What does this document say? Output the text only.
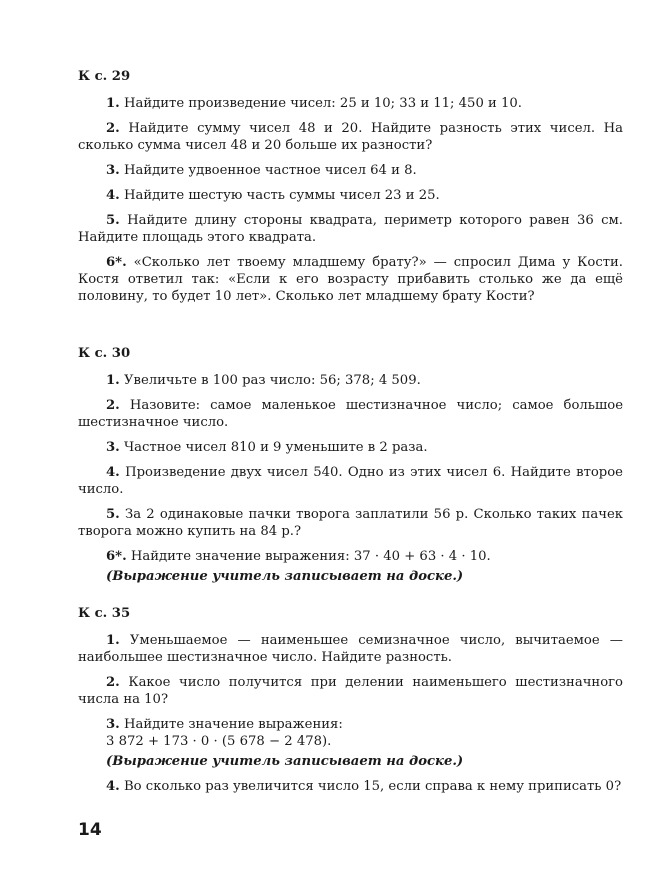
К с. 29
1. Найдите произведение чисел: 25 и 10; 33 и 11; 450 и 10.
2. Найдите сумму чисел 48 и 20. Найдите разность этих чисел. На сколько сумма чисел 48 и 20 больше их разности?
3. Найдите удвоенное частное чисел 64 и 8.
4. Найдите шестую часть суммы чисел 23 и 25.
5. Найдите длину стороны квадрата, периметр которого равен 36 см. Найдите площадь этого квадрата.
6*. «Сколько лет твоему младшему брату?» — спросил Дима у Кости. Костя ответил так: «Если к его возрасту прибавить столько же да ещё половину, то будет 10 лет». Сколько лет младшему брату Кости?
К с. 30
1. Увеличьте в 100 раз число: 56; 378; 4 509.
2. Назовите: самое маленькое шестизначное число; самое большое шестизначное число.
3. Частное чисел 810 и 9 уменьшите в 2 раза.
4. Произведение двух чисел 540. Одно из этих чисел 6. Найдите второе число.
5. За 2 одинаковые пачки творога заплатили 56 р. Сколько таких пачек творога можно купить на 84 р.?
6*. Найдите значение выражения: 37 · 40 + 63 · 4 · 10.
(Выражение учитель записывает на доске.)
К с. 35
1. Уменьшаемое — наименьшее семизначное число, вычитаемое — наибольшее шестизначное число. Найдите разность.
2. Какое число получится при делении наименьшего шестизначного числа на 10?
3. Найдите значение выражения:
3 872 + 173 · 0 · (5 678 − 2 478).
(Выражение учитель записывает на доске.)
4. Во сколько раз увеличится число 15, если справа к нему приписать 0?
14
